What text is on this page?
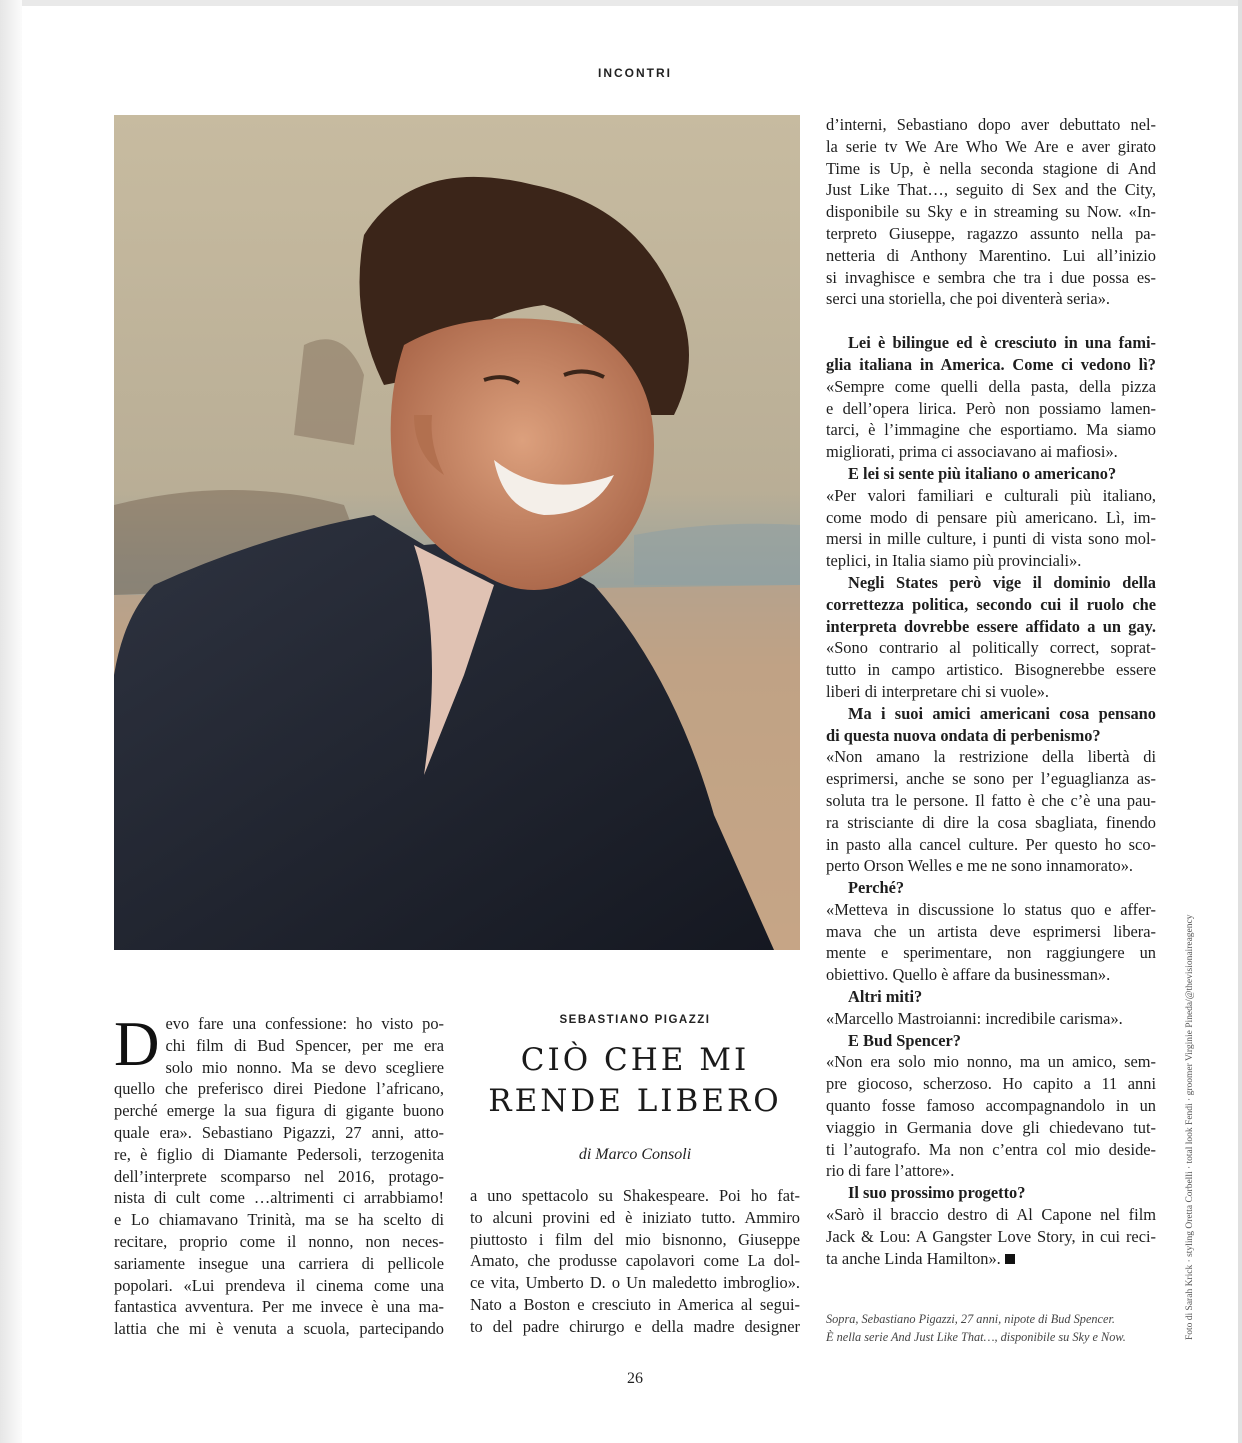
INCONTRI
D evo fare una confessione: ho visto po-
chi film di Bud Spencer, per me era
solo mio nonno. Ma se devo scegliere
quello che preferisco direi Piedone l’africano,
perché emerge la sua figura di gigante buono
quale era». Sebastiano Pigazzi, 27 anni, atto-
re, è figlio di Diamante Pedersoli, terzogenita
dell’interprete scomparso nel 2016, protago-
nista di cult come …altrimenti ci arrabbiamo!
e Lo chiamavano Trinità, ma se ha scelto di
recitare, proprio come il nonno, non neces-
sariamente insegue una carriera di pellicole
popolari. «Lui prendeva il cinema come una
fantastica avventura. Per me invece è una ma-
lattia che mi è venuta a scuola, partecipando
SEBASTIANO PIGAZZI
CIÒ CHE MI
RENDE LIBERO
di Marco Consoli
a uno spettacolo su Shakespeare. Poi ho fat-
to alcuni provini ed è iniziato tutto. Ammiro
piuttosto i film del mio bisnonno, Giuseppe
Amato, che produsse capolavori come La dol-
ce vita, Umberto D. o Un maledetto imbroglio».
Nato a Boston e cresciuto in America al segui-
to del padre chirurgo e della madre designer
d’interni, Sebastiano dopo aver debuttato nel-
la serie tv We Are Who We Are e aver girato
Time is Up, è nella seconda stagione di And
Just Like That…, seguito di Sex and the City,
disponibile su Sky e in streaming su Now. «In-
terpreto Giuseppe, ragazzo assunto nella pa-
netteria di Anthony Marentino. Lui all’inizio
si invaghisce e sembra che tra i due possa es-
serci una storiella, che poi diventerà seria».
Lei è bilingue ed è cresciuto in una fami-
glia italiana in America. Come ci vedono lì?
«Sempre come quelli della pasta, della pizza
e dell’opera lirica. Però non possiamo lamen-
tarci, è l’immagine che esportiamo. Ma siamo
migliorati, prima ci associavano ai mafiosi».
E lei si sente più italiano o americano?
«Per valori familiari e culturali più italiano,
come modo di pensare più americano. Lì, im-
mersi in mille culture, i punti di vista sono mol-
teplici, in Italia siamo più provinciali».
Negli States però vige il dominio della
correttezza politica, secondo cui il ruolo che
interpreta dovrebbe essere affidato a un gay.
«Sono contrario al politically correct, soprat-
tutto in campo artistico. Bisognerebbe essere
liberi di interpretare chi si vuole».
Ma i suoi amici americani cosa pensano
di questa nuova ondata di perbenismo?
«Non amano la restrizione della libertà di
esprimersi, anche se sono per l’eguaglianza as-
soluta tra le persone. Il fatto è che c’è una pau-
ra strisciante di dire la cosa sbagliata, finendo
in pasto alla cancel culture. Per questo ho sco-
perto Orson Welles e me ne sono innamorato».
Perché?
«Metteva in discussione lo status quo e affer-
mava che un artista deve esprimersi libera-
mente e sperimentare, non raggiungere un
obiettivo. Quello è affare da businessman».
Altri miti?
«Marcello Mastroianni: incredibile carisma».
E Bud Spencer?
«Non era solo mio nonno, ma un amico, sem-
pre giocoso, scherzoso. Ho capito a 11 anni
quanto fosse famoso accompagnandolo in un
viaggio in Germania dove gli chiedevano tut-
ti l’autografo. Ma non c’entra col mio deside-
rio di fare l’attore».
Il suo prossimo progetto?
«Sarò il braccio destro di Al Capone nel film
Jack & Lou: A Gangster Love Story, in cui reci-
ta anche Linda Hamilton».
Sopra, Sebastiano Pigazzi, 27 anni, nipote di Bud Spencer.
È nella serie And Just Like That…, disponibile su Sky e Now.	Foto di Sarah Krick · styling Oretta Corbelli · total look Fendi · groomer Virginie Pineda/@thevisionaireagency
26
